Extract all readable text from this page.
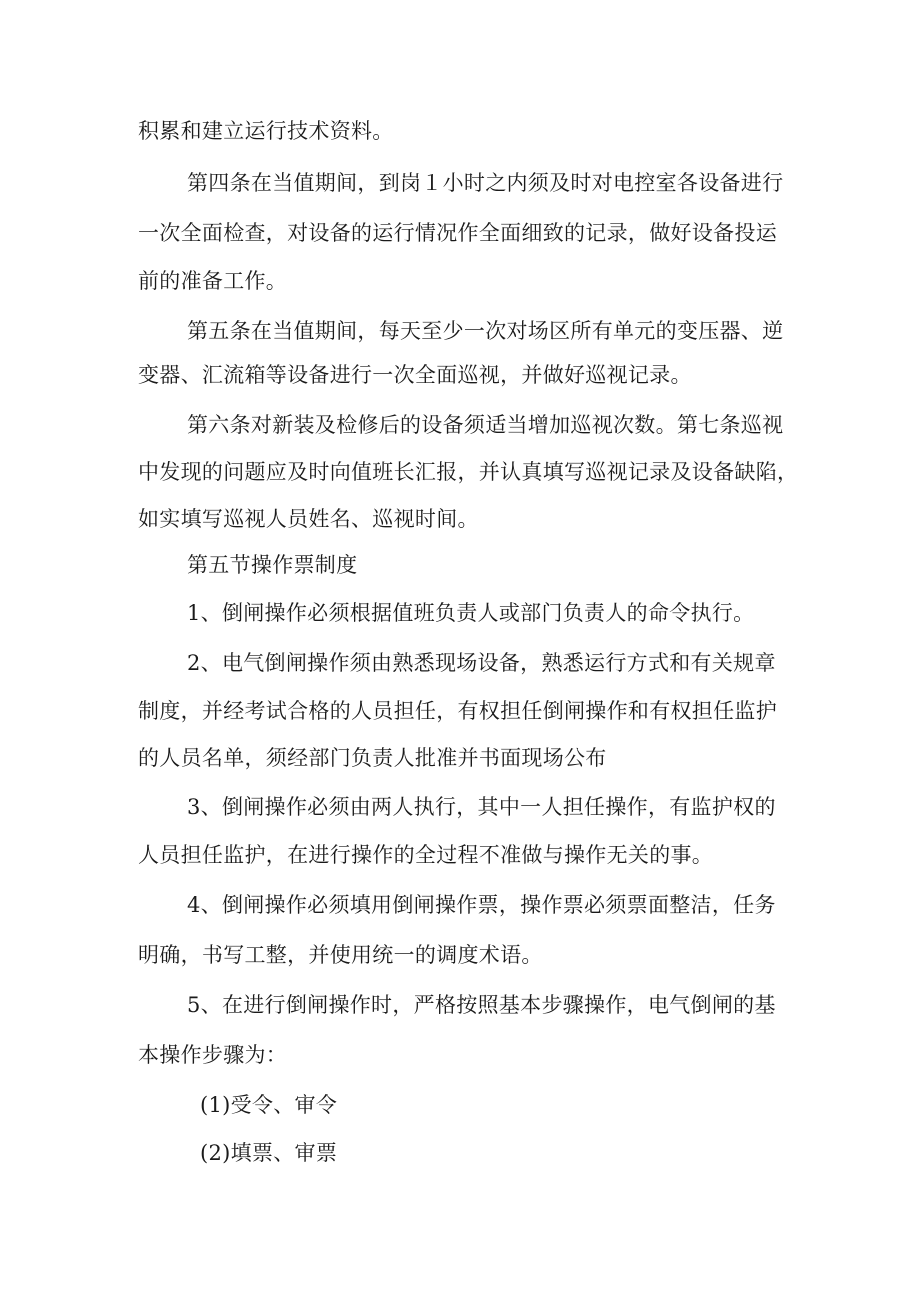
积累和建立运行技术资料。
第四条在当值期间，到岗１小时之内须及时对电控室各设备进行
一次全面检查，对设备的运行情况作全面细致的记录，做好设备投运
前的准备工作。
第五条在当值期间，每天至少一次对场区所有单元的变压器、逆
变器、汇流箱等设备进行一次全面巡视，并做好巡视记录。
第六条对新装及检修后的设备须适当增加巡视次数。第七条巡视
中发现的问题应及时向值班长汇报，并认真填写巡视记录及设备缺陷，
如实填写巡视人员姓名、巡视时间。
第五节操作票制度
1、倒闸操作必须根据值班负责人或部门负责人的命令执行。
2、电气倒闸操作须由熟悉现场设备，熟悉运行方式和有关规章
制度，并经考试合格的人员担任，有权担任倒闸操作和有权担任监护
的人员名单，须经部门负责人批准并书面现场公布
3、倒闸操作必须由两人执行，其中一人担任操作，有监护权的
人员担任监护，在进行操作的全过程不准做与操作无关的事。
4、倒闸操作必须填用倒闸操作票，操作票必须票面整洁，任务
明确，书写工整，并使用统一的调度术语。
5、在进行倒闸操作时，严格按照基本步骤操作，电气倒闸的基
本操作步骤为：
(1)受令、审令
(2)填票、审票
